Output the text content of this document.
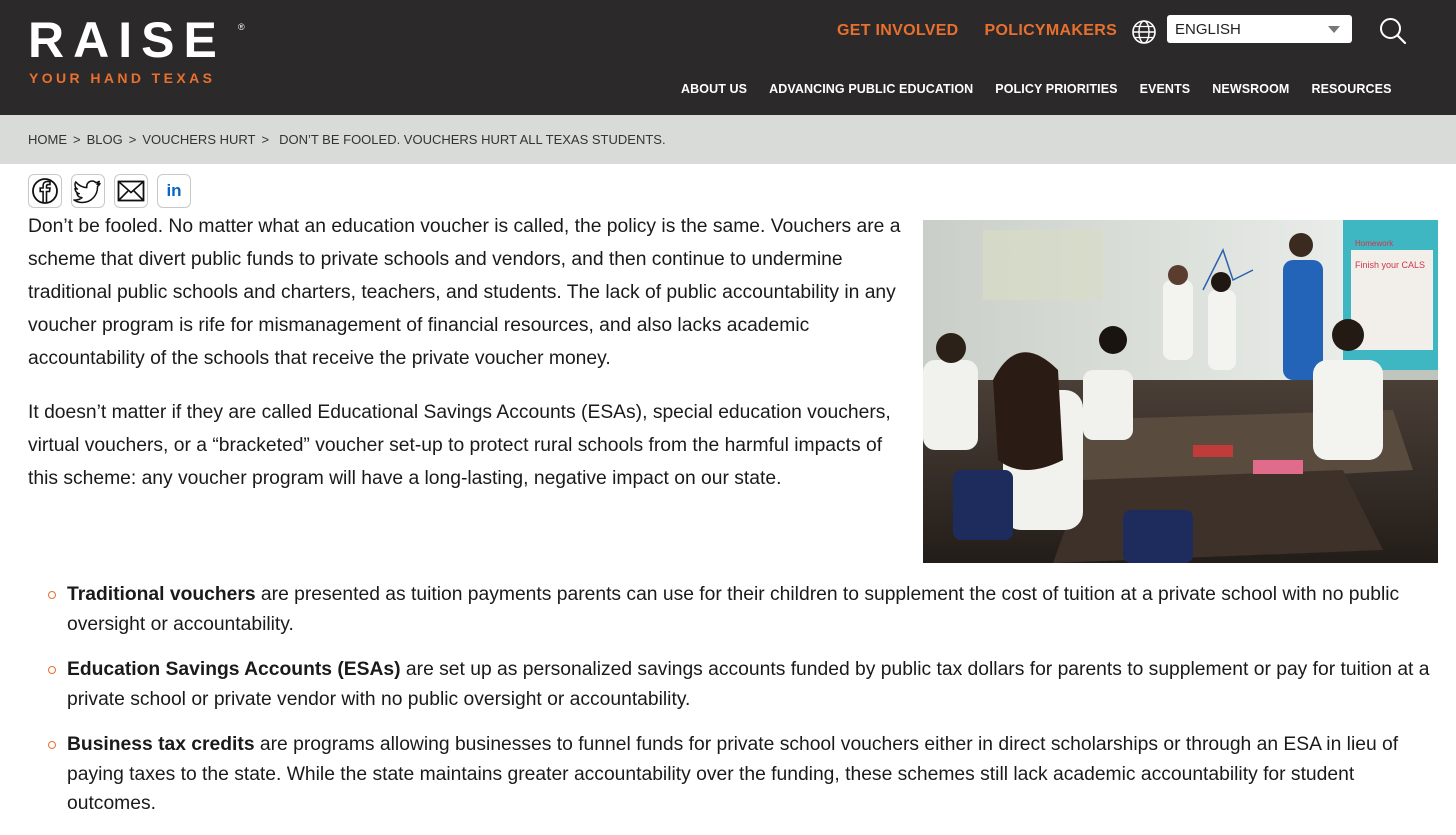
RAISE ®
YOUR HAND TEXAS
GET INVOLVED POLICYMAKERS	ENGLISH
ABOUT US ADVANCING PUBLIC EDUCATION POLICY PRIORITIES EVENTS NEWSROOM RESOURCES
HOME > BLOG > VOUCHERS HURT > DON’T BE FOOLED. VOUCHERS HURT ALL TEXAS STUDENTS.
in

Don’t be fooled. No matter what an education voucher is called, the policy is the same. Vouchers are a scheme that divert public funds to private schools and vendors, and then continue to undermine traditional public schools and charters, teachers, and students. The lack of public accountability in any voucher program is rife for mismanagement of financial resources, and also lacks academic accountability of the schools that receive the private voucher money.

It doesn’t matter if they are called Educational Savings Accounts (ESAs), special education vouchers, virtual vouchers, or a “bracketed” voucher set-up to protect rural schools from the harmful impacts of this scheme: any voucher program will have a long-lasting, negative impact on our state.

Finish your CALS
Homework
Traditional vouchers are presented as tuition payments parents can use for their children to supplement the cost of tuition at a private school with no public oversight or accountability.
Education Savings Accounts (ESAs) are set up as personalized savings accounts funded by public tax dollars for parents to supplement or pay for tuition at a private school or private vendor with no public oversight or accountability.
Business tax credits are programs allowing businesses to funnel funds for private school vouchers either in direct scholarships or through an ESA in lieu of paying taxes to the state. While the state maintains greater accountability over the funding, these schemes still lack academic accountability for student outcomes.
